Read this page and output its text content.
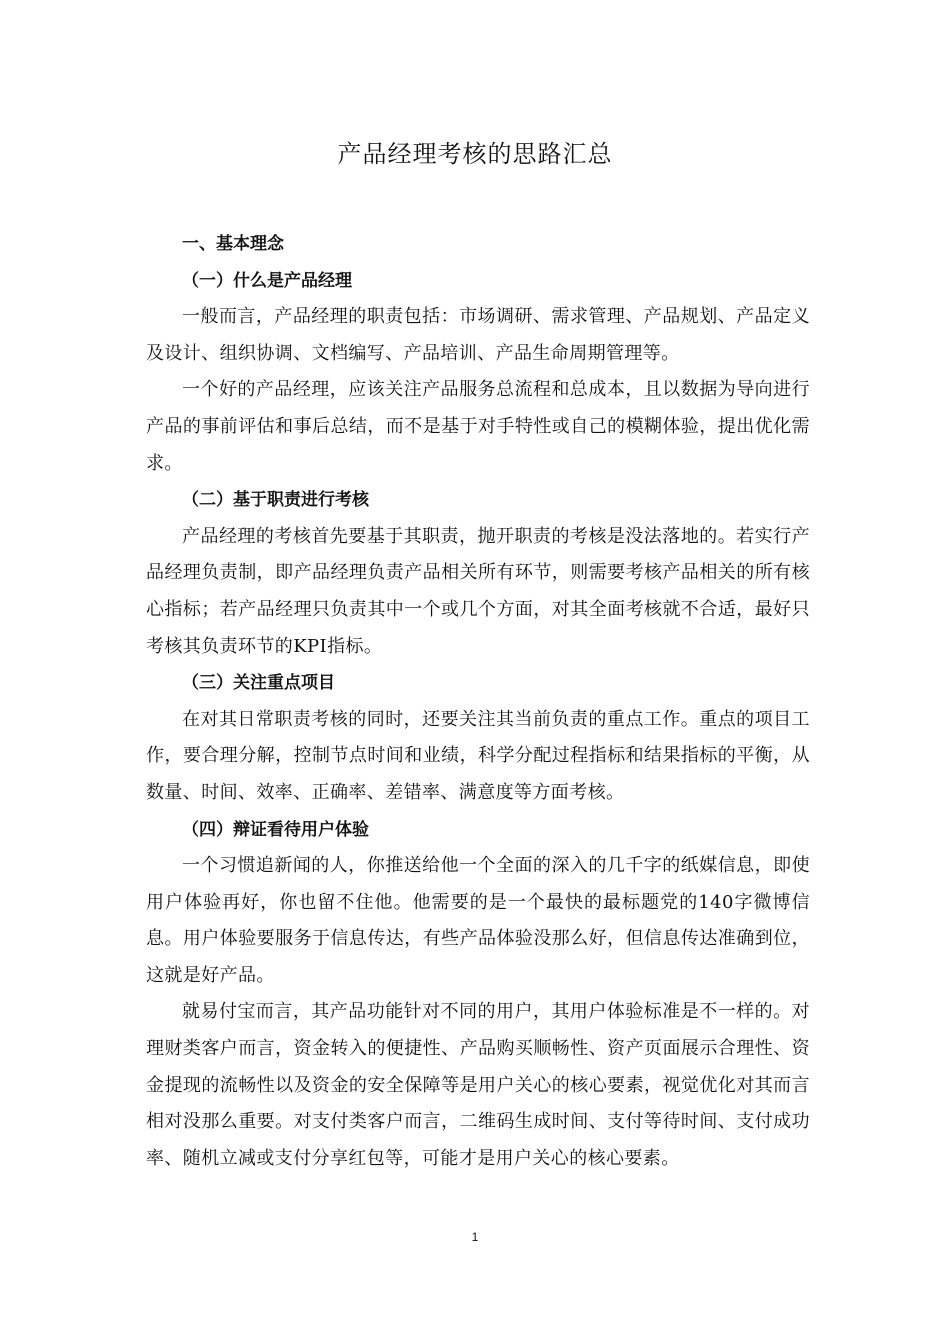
产品经理考核的思路汇总
一、基本理念
（一）什么是产品经理

一般而言，产品经理的职责包括：市场调研、需求管理、产品规划、产品定义及设计、组织协调、文档编写、产品培训、产品生命周期管理等。

一个好的产品经理，应该关注产品服务总流程和总成本，且以数据为导向进行产品的事前评估和事后总结，而不是基于对手特性或自己的模糊体验，提出优化需求。

（二）基于职责进行考核

产品经理的考核首先要基于其职责，抛开职责的考核是没法落地的。若实行产品经理负责制，即产品经理负责产品相关所有环节，则需要考核产品相关的所有核心指标；若产品经理只负责其中一个或几个方面，对其全面考核就不合适，最好只考核其负责环节的KPI指标。

（三）关注重点项目

在对其日常职责考核的同时，还要关注其当前负责的重点工作。重点的项目工作，要合理分解，控制节点时间和业绩，科学分配过程指标和结果指标的平衡，从数量、时间、效率、正确率、差错率、满意度等方面考核。

（四）辩证看待用户体验

一个习惯追新闻的人，你推送给他一个全面的深入的几千字的纸媒信息，即使用户体验再好，你也留不住他。他需要的是一个最快的最标题党的140字微博信息。用户体验要服务于信息传达，有些产品体验没那么好，但信息传达准确到位，这就是好产品。

就易付宝而言，其产品功能针对不同的用户，其用户体验标准是不一样的。对理财类客户而言，资金转入的便捷性、产品购买顺畅性、资产页面展示合理性、资金提现的流畅性以及资金的安全保障等是用户关心的核心要素，视觉优化对其而言相对没那么重要。对支付类客户而言，二维码生成时间、支付等待时间、支付成功率、随机立减或支付分享红包等，可能才是用户关心的核心要素。

1
